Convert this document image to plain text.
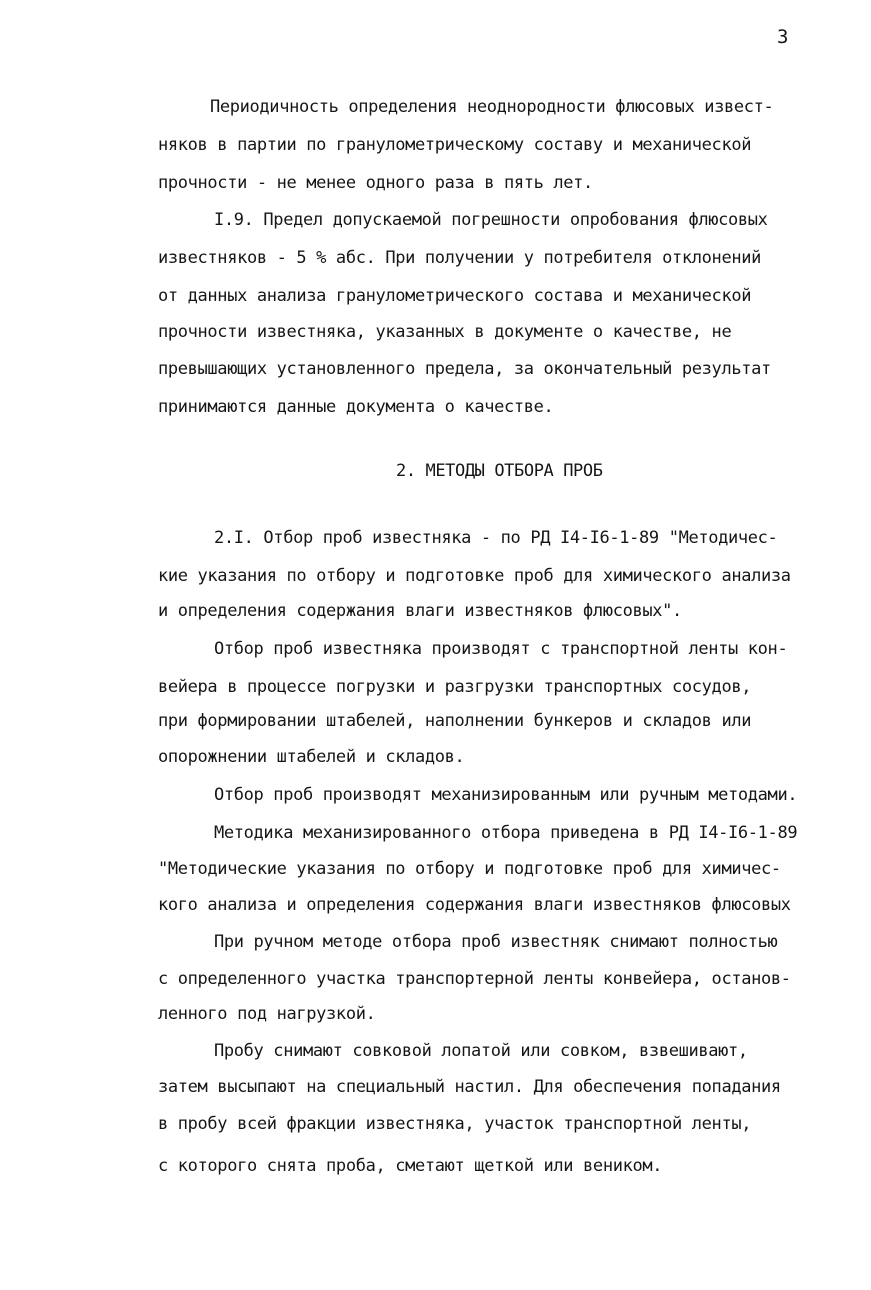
3
Периодичность определения неоднородности флюсовых извест-
няков в партии по гранулометрическому составу и механической
прочности - не менее одного раза в пять лет.
I.9. Предел допускаемой погрешности опробования флюсовых
известняков - 5 % абс. При получении у потребителя отклонений
от данных анализа гранулометрического состава и механической
прочности известняка, указанных в документе о качестве, не
превышающих установленного предела, за окончательный результат
принимаются данные документа о качестве.
2. МЕТОДЫ ОТБОРА ПРОБ
2.I. Отбор проб известняка - по РД I4-I6-1-89 "Методичес-
кие указания по отбору и подготовке проб для химического анализа
и определения содержания влаги известняков флюсовых".
Отбор проб известняка производят с транспортной ленты кон-
вейера в процессе погрузки и разгрузки транспортных сосудов,
при формировании штабелей, наполнении бункеров и складов или
опорожнении штабелей и складов.
Отбор проб производят механизированным или ручным методами.
Методика механизированного отбора приведена в РД I4-I6-1-89
"Методические указания по отбору и подготовке проб для химичес-
кого анализа и определения содержания влаги известняков флюсовых
При ручном методе отбора проб известняк снимают полностью
с определенного участка транспортерной ленты конвейера, останов-
ленного под нагрузкой.
Пробу снимают совковой лопатой или совком, взвешивают,
затем высыпают на специальный настил. Для обеспечения попадания
в пробу всей фракции известняка, участок транспортной ленты,
с которого снята проба, сметают щеткой или веником.
